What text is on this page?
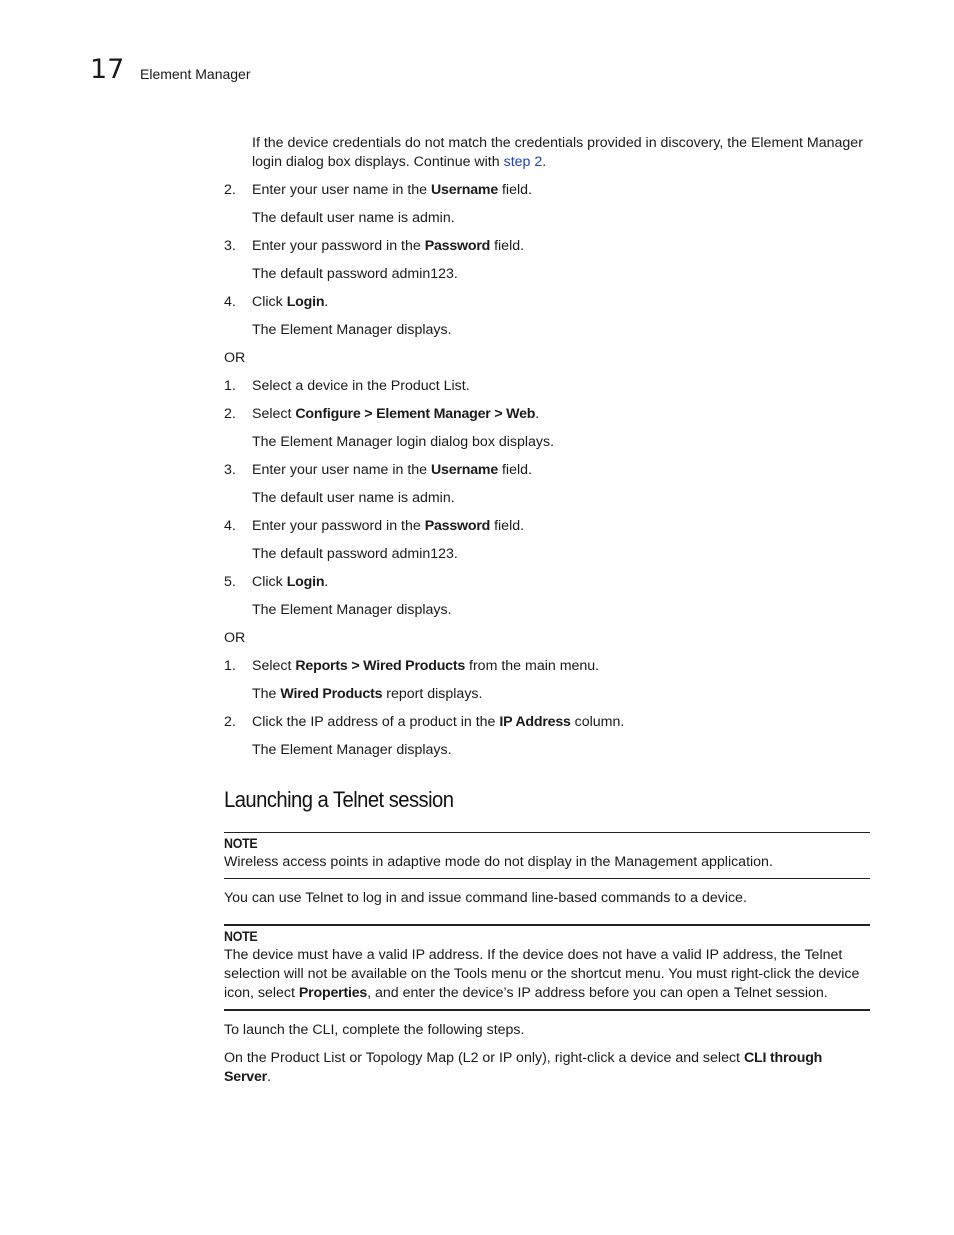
17 Element Manager
If the device credentials do not match the credentials provided in discovery, the Element Manager login dialog box displays. Continue with step 2.
2. Enter your user name in the Username field.
The default user name is admin.
3. Enter your password in the Password field.
The default password admin123.
4. Click Login.
The Element Manager displays.
OR
1. Select a device in the Product List.
2. Select Configure > Element Manager > Web.
The Element Manager login dialog box displays.
3. Enter your user name in the Username field.
The default user name is admin.
4. Enter your password in the Password field.
The default password admin123.
5. Click Login.
The Element Manager displays.
OR
1. Select Reports > Wired Products from the main menu.
The Wired Products report displays.
2. Click the IP address of a product in the IP Address column.
The Element Manager displays.
Launching a Telnet session
NOTE
Wireless access points in adaptive mode do not display in the Management application.
You can use Telnet to log in and issue command line-based commands to a device.
NOTE
The device must have a valid IP address. If the device does not have a valid IP address, the Telnet selection will not be available on the Tools menu or the shortcut menu. You must right-click the device icon, select Properties, and enter the device’s IP address before you can open a Telnet session.
To launch the CLI, complete the following steps.
On the Product List or Topology Map (L2 or IP only), right-click a device and select CLI through Server.
